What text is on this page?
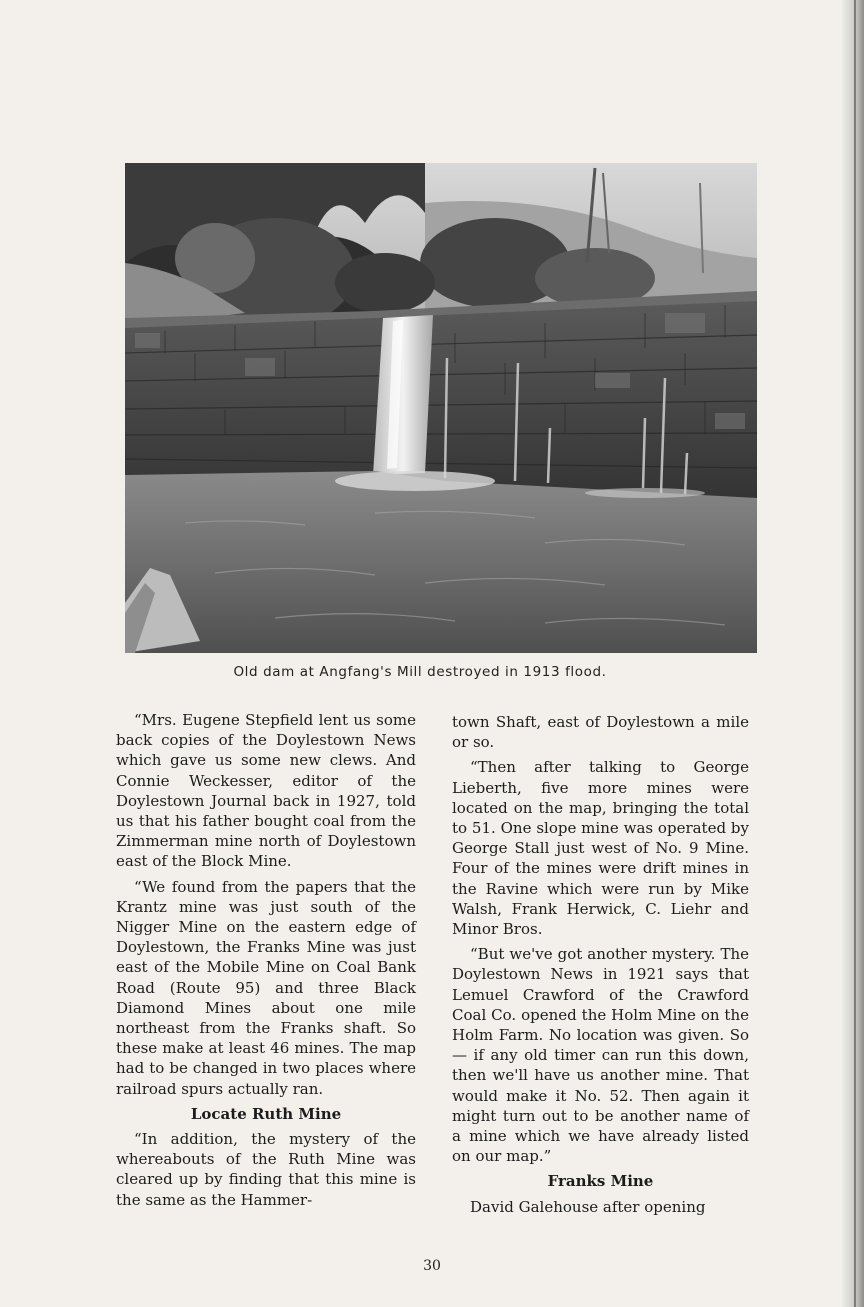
Old dam at Angfang's Mill destroyed in 1913 flood.

“Mrs. Eugene Stepfield lent us some back copies of the Doylestown News which gave us some new clews. And Connie Weckesser, editor of the Doylestown Journal back in 1927, told us that his father bought coal from the Zimmerman mine north of Doylestown east of the Block Mine.

“We found from the papers that the Krantz mine was just south of the Nigger Mine on the eastern edge of Doylestown, the Franks Mine was just east of the Mobile Mine on Coal Bank Road (Route 95) and three Black Diamond Mines about one mile northeast from the Franks shaft. So these make at least 46 mines. The map had to be changed in two places where railroad spurs actually ran.

Locate Ruth Mine

“In addition, the mystery of the whereabouts of the Ruth Mine was cleared up by finding that this mine is the same as the Hammer-

town Shaft, east of Doylestown a mile or so.

“Then after talking to George Lieberth, five more mines were located on the map, bringing the total to 51. One slope mine was operated by George Stall just west of No. 9 Mine. Four of the mines were drift mines in the Ravine which were run by Mike Walsh, Frank Herwick, C. Liehr and Minor Bros.

“But we've got another mystery. The Doylestown News in 1921 says that Lemuel Crawford of the Crawford Coal Co. opened the Holm Mine on the Holm Farm. No location was given. So — if any old timer can run this down, then we'll have us another mine. That would make it No. 52. Then again it might turn out to be another name of a mine which we have already listed on our map.”

Franks Mine

David Galehouse after opening

30
